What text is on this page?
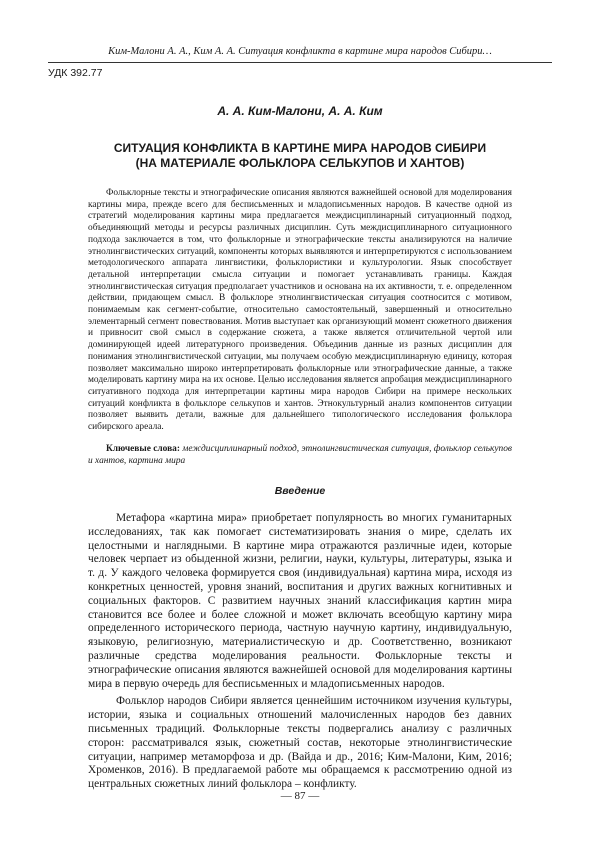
Ким-Малони А. А., Ким А. А. Ситуация конфликта в картине мира народов Сибири…
УДК 392.77
А. А. Ким-Малони, А. А. Ким
СИТУАЦИЯ КОНФЛИКТА В КАРТИНЕ МИРА НАРОДОВ СИБИРИ
(НА МАТЕРИАЛЕ ФОЛЬКЛОРА СЕЛЬКУПОВ И ХАНТОВ)
Фольклорные тексты и этнографические описания являются важнейшей основой для моделирования картины мира, прежде всего для бесписьменных и младописьменных народов. В качестве одной из стратегий моделирования картины мира предлагается междисциплинарный ситуационный подход, объединяющий методы и ресурсы различных дисциплин. Суть междисциплинарного ситуационного подхода заключается в том, что фольклорные и этнографические тексты анализируются на наличие этнолингвистических ситуаций, компоненты которых выявляются и интерпретируются с использованием методологического аппарата лингвистики, фольклористики и культурологии. Язык способствует детальной интерпретации смысла ситуации и помогает устанавливать границы. Каждая этнолингвистическая ситуация предполагает участников и основана на их активности, т. е. определенном действии, придающем смысл. В фольклоре этнолингвистическая ситуация соотносится с мотивом, понимаемым как сегмент-событие, относительно самостоятельный, завершенный и относительно элементарный сегмент повествования. Мотив выступает как организующий момент сюжетного движения и привносит свой смысл в содержание сюжета, а также является отличительной чертой или доминирующей идеей литературного произведения. Объединив данные из разных дисциплин для понимания этнолингвистической ситуации, мы получаем особую междисциплинарную единицу, которая позволяет максимально широко интерпретировать фольклорные или этнографические данные, а также моделировать картину мира на их основе. Целью исследования является апробация междисциплинарного ситуативного подхода для интерпретации картины мира народов Сибири на примере нескольких ситуаций конфликта в фольклоре селькупов и хантов. Этнокультурный анализ компонентов ситуации позволяет выявить детали, важные для дальнейшего типологического исследования фольклора сибирского ареала.
Введение

Метафора «картина мира» приобретает популярность во многих гуманитарных исследованиях, так как помогает систематизировать знания о мире, сделать их целостными и наглядными. В картине мира отражаются различные идеи, которые человек черпает из обыденной жизни, религии, науки, культуры, литературы, языка и т. д. У каждого человека формируется своя (индивидуальная) картина мира, исходя из конкретных ценностей, уровня знаний, воспитания и других важных когнитивных и социальных факторов. С развитием научных знаний классификация картин мира становится все более и более сложной и может включать всеобщую картину мира определенного исторического периода, частную научную картину, индивидуальную, языковую, религиозную, материалистическую и др. Соответственно, возникают различные средства моделирования реальности. Фольклорные тексты и этнографические описания являются важнейшей основой для моделирования картины мира в первую очередь для бесписьменных и младописьменных народов.

Фольклор народов Сибири является ценнейшим источником изучения культуры, истории, языка и социальных отношений малочисленных народов без давних письменных традиций. Фольклорные тексты подвергались анализу с различных сторон: рассматривался язык, сюжетный состав, некоторые этнолингвистические ситуации, например метаморфоза и др. (Вайда и др., 2016; Ким-Малони, Ким, 2016; Хроменков, 2016). В предлагаемой работе мы обращаемся к рассмотрению одной из центральных сюжетных линий фольклора – конфликту.

Ключевые слова: междисциплинарный подход, этнолингвистическая ситуация, фольклор селькупов и хантов, картина мира
— 87 —
